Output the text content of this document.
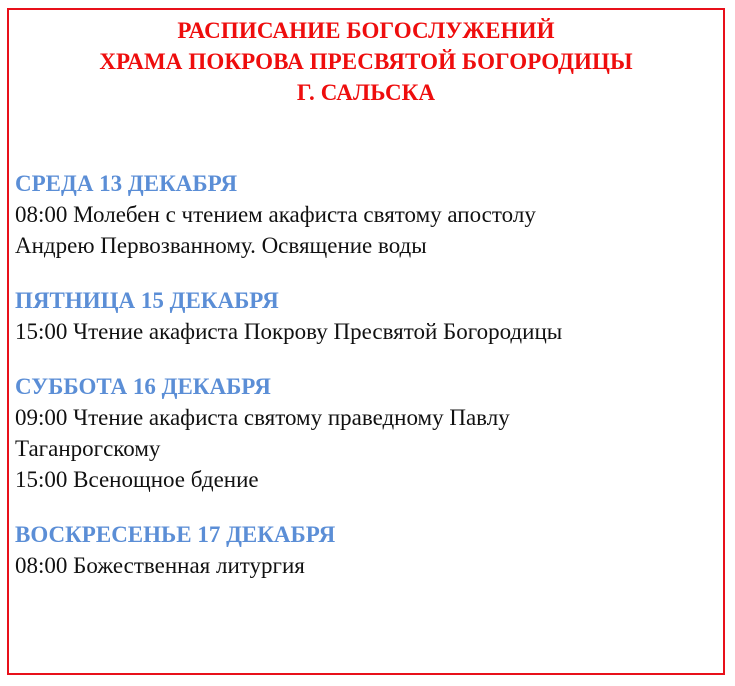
РАСПИСАНИЕ БОГОСЛУЖЕНИЙ
ХРАМА ПОКРОВА ПРЕСВЯТОЙ БОГОРОДИЦЫ
Г. САЛЬСКА
СРЕДА 13 ДЕКАБРЯ
08:00 Молебен с чтением акафиста святому апостолу
Андрею Первозванному. Освящение воды
ПЯТНИЦА 15 ДЕКАБРЯ
15:00 Чтение акафиста Покрову Пресвятой Богородицы
СУББОТА 16 ДЕКАБРЯ
09:00 Чтение акафиста святому праведному Павлу
Таганрогскому
15:00 Всенощное бдение
ВОСКРЕСЕНЬЕ 17 ДЕКАБРЯ
08:00 Божественная литургия
